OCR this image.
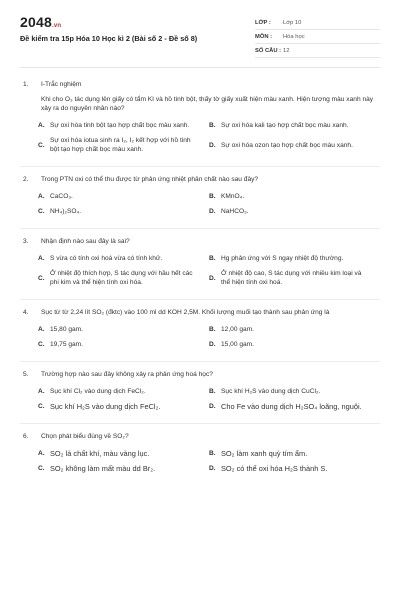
2048.vn
Đề kiểm tra 15p Hóa 10 Học kì 2 (Bài số 2 - Đề số 8)
LỚP :	Lớp 10
MÔN :	Hóa học
SỐ CÂU : 12
1.	I-Trắc nghiệm
Khi cho O₃ tác dụng lên giấy có tẩm KI và hồ tinh bột, thấy tờ giấy xuất hiện màu xanh. Hiện tượng màu xanh này xảy ra do nguyên nhân nào?
A. Sự oxi hóa tinh bột tạo hợp chất bọc màu xanh.	B. Sự oxi hóa kali tạo hợp chất bọc màu xanh.
C.
Sự oxi hóa iotua sinh ra I₂, I₂ kết hợp với hồ tinh bột tạo hợp chất bọc màu xanh.
D. Sự oxi hóa ozon tạo hợp chất bọc màu xanh.
2.	Trong PTN oxi có thể thu được từ phản ứng nhiệt phân chất nào sau đây?
A. CaCO₃.	B. KMnO₄.
C. NH₄)₂SO₄.	D. NaHCO₃.
3.	Nhận định nào sau đây là sai?
A. S vừa có tính oxi hoá vừa có tính khử.	B. Hg phản ứng với S ngay nhiệt độ thường.
C.
Ở nhiệt độ thích hợp, S tác dụng với hầu hết các phi kim và thể hiện tính oxi hóa.
D.
Ở nhiệt độ cao, S tác dụng với nhiều kim loại và thể hiện tính oxi hoá.
4.	Sục từ từ 2,24 lít SO₂ (đktc) vào 100 ml dd KOH 2,5M. Khối lượng muối tạo thành sau phản ứng là
A. 15,80 gam.	B. 12,00 gam.
C. 19,75 gam.	D. 15,00 gam.
5.	Trường hợp nào sau đây không xảy ra phản ứng hoá học?
A. Sục khí Cl₂ vào dung dịch FeCl₂.	B. Sục khí H₂S vào dung dịch CuCl₂.
C. Sục khí H₂S vào dung dịch FeCl₂.	D. Cho Fe vào dung dịch H₂SO₄ loãng, nguội.
6.	Chọn phát biểu đúng về SO₂?
A. SO₂ là chất khí, màu vàng lục.	B. SO₂ làm xanh quỳ tím ẩm.
C. SO₂ không làm mất màu dd Br₂.	D. SO₂ có thể oxi hóa H₂S thành S.
